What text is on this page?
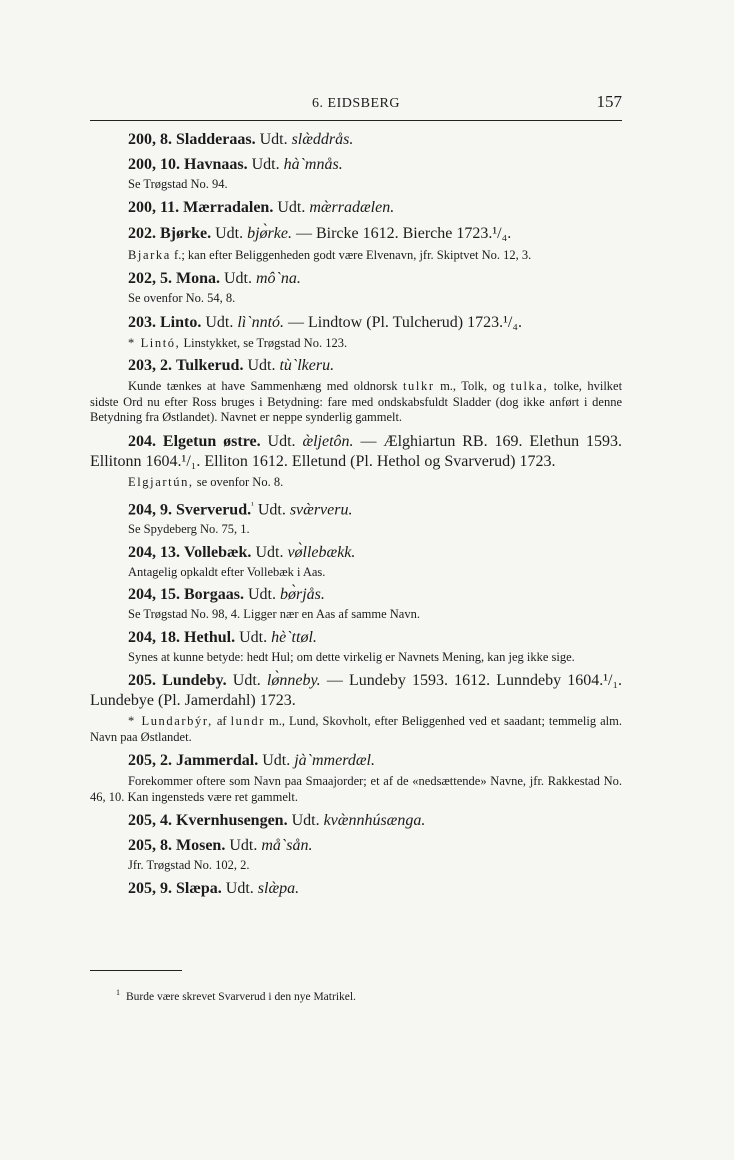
6. EIDSBERG	157
200, 8. Sladderaas. Udt. slæ̀ddrås.
200, 10. Havnaas. Udt. hà`mnås.
Se Trøgstad No. 94.
200, 11. Mærradalen. Udt. mæ̀rradælen.
202. Bjørke. Udt. bjø̀rke. — Bircke 1612. Bierche 1723.¹/₄.
Bjarka f.; kan efter Beliggenheden godt være Elvenavn, jfr. Skiptvet No. 12, 3.
202, 5. Mona. Udt. mô`na.
Se ovenfor No. 54, 8.
203. Linto. Udt. lì`nntó. — Lindtow (Pl. Tulcherud) 1723.¹/₄.
* Lintó, Linstykket, se Trøgstad No. 123.
203, 2. Tulkerud. Udt. tù`lkeru.
Kunde tænkes at have Sammenhæng med oldnorsk tulkr m., Tolk, og tulka, tolke, hvilket sidste Ord nu efter Ross bruges i Betydning: fare med ondskabsfuldt Sladder (dog ikke anført i denne Betydning fra Østlandet). Navnet er neppe synderlig gammelt.
204. Elgetun østre. Udt. æ̀ljetôn. — Ælghiartun RB. 169. Elethun 1593. Ellitonn 1604.¹/₁. Elliton 1612. Elletund (Pl. Hethol og Svarverud) 1723.
Elgjartún, se ovenfor No. 8.
204, 9. Sververud.$^{^1}$ Udt. svæ̀rveru.
Se Spydeberg No. 75, 1.
204, 13. Vollebæk. Udt. vø̀llebækk.
Antagelig opkaldt efter Vollebæk i Aas.
204, 15. Borgaas. Udt. bø̀rjås.
Se Trøgstad No. 98, 4. Ligger nær en Aas af samme Navn.
204, 18. Hethul. Udt. hè`ttøl.
Synes at kunne betyde: hedt Hul; om dette virkelig er Navnets Mening, kan jeg ikke sige.
205. Lundeby. Udt. lø̀nneby. — Lundeby 1593. 1612. Lunndeby 1604.¹/₁. Lundebye (Pl. Jamerdahl) 1723.
* Lundarbýr, af lundr m., Lund, Skovholt, efter Beliggenhed ved et saadant; temmelig alm. Navn paa Østlandet.
205, 2. Jammerdal. Udt. jà`mmerdæl.
Forekommer oftere som Navn paa Smaajorder; et af de «nedsættende» Navne, jfr. Rakkestad No. 46, 10. Kan ingensteds være ret gammelt.
205, 4. Kvernhusengen. Udt. kvæ̀nnhúsænga.
205, 8. Mosen. Udt. må`sån.
Jfr. Trøgstad No. 102, 2.
205, 9. Slæpa. Udt. slæ̀pa.
$^1$ Burde være skrevet Svarverud i den nye Matrikel.
